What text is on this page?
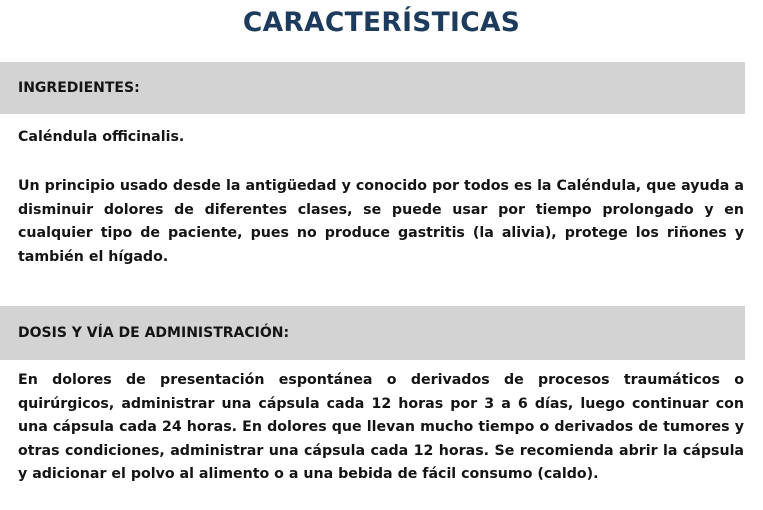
CARACTERÍSTICAS
INGREDIENTES:

Caléndula officinalis.

Un principio usado desde la antigüedad y conocido por todos es la Caléndula, que ayuda a disminuir dolores de diferentes clases, se puede usar por tiempo prolongado y en cualquier tipo de paciente, pues no produce gastritis (la alivia), protege los riñones y también el hígado.

DOSIS Y VÍA DE ADMINISTRACIÓN:

En dolores de presentación espontánea o derivados de procesos traumáticos o quirúrgicos, administrar una cápsula cada 12 horas por 3 a 6 días, luego continuar con una cápsula cada 24 horas. En dolores que llevan mucho tiempo o derivados de tumores y otras condiciones, administrar una cápsula cada 12 horas. Se recomienda abrir la cápsula y adicionar el polvo al alimento o a una bebida de fácil consumo (caldo).
